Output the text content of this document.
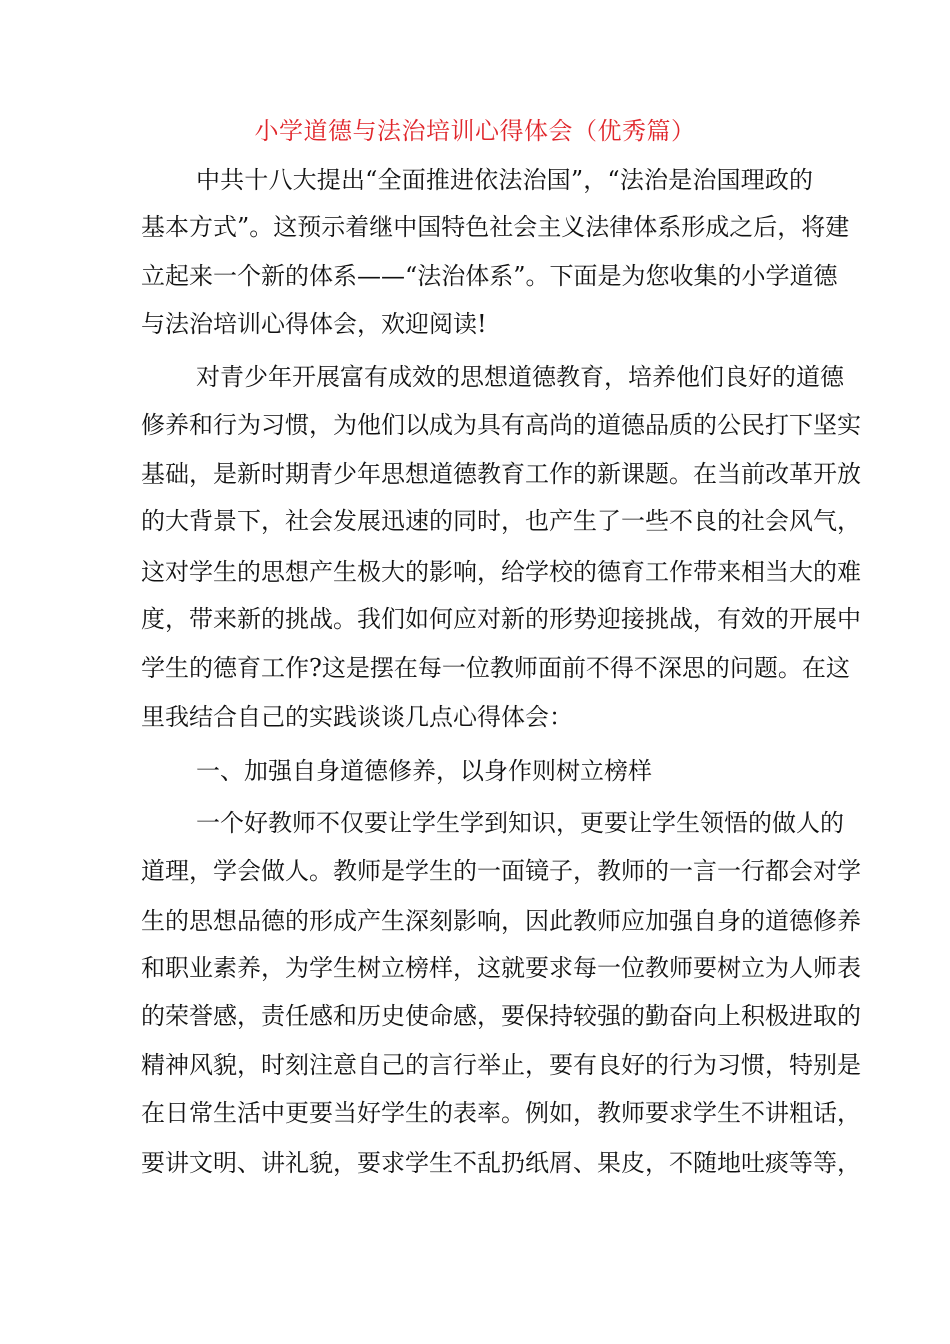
小学道德与法治培训心得体会（优秀篇）
中共十八大提出“全面推进依法治国”，“法治是治国理政的
基本方式”。这预示着继中国特色社会主义法律体系形成之后，将建
立起来一个新的体系——“法治体系”。下面是为您收集的小学道德
与法治培训心得体会，欢迎阅读!
对青少年开展富有成效的思想道德教育，培养他们良好的道德
修养和行为习惯，为他们以成为具有高尚的道德品质的公民打下坚实
基础，是新时期青少年思想道德教育工作的新课题。在当前改革开放
的大背景下，社会发展迅速的同时，也产生了一些不良的社会风气，
这对学生的思想产生极大的影响，给学校的德育工作带来相当大的难
度，带来新的挑战。我们如何应对新的形势迎接挑战，有效的开展中
学生的德育工作?这是摆在每一位教师面前不得不深思的问题。在这
里我结合自己的实践谈谈几点心得体会：
一、加强自身道德修养，以身作则树立榜样
一个好教师不仅要让学生学到知识，更要让学生领悟的做人的
道理，学会做人。教师是学生的一面镜子，教师的一言一行都会对学
生的思想品德的形成产生深刻影响，因此教师应加强自身的道德修养
和职业素养，为学生树立榜样，这就要求每一位教师要树立为人师表
的荣誉感，责任感和历史使命感，要保持较强的勤奋向上积极进取的
精神风貌，时刻注意自己的言行举止，要有良好的行为习惯，特别是
在日常生活中更要当好学生的表率。例如，教师要求学生不讲粗话，
要讲文明、讲礼貌，要求学生不乱扔纸屑、果皮，不随地吐痰等等，
